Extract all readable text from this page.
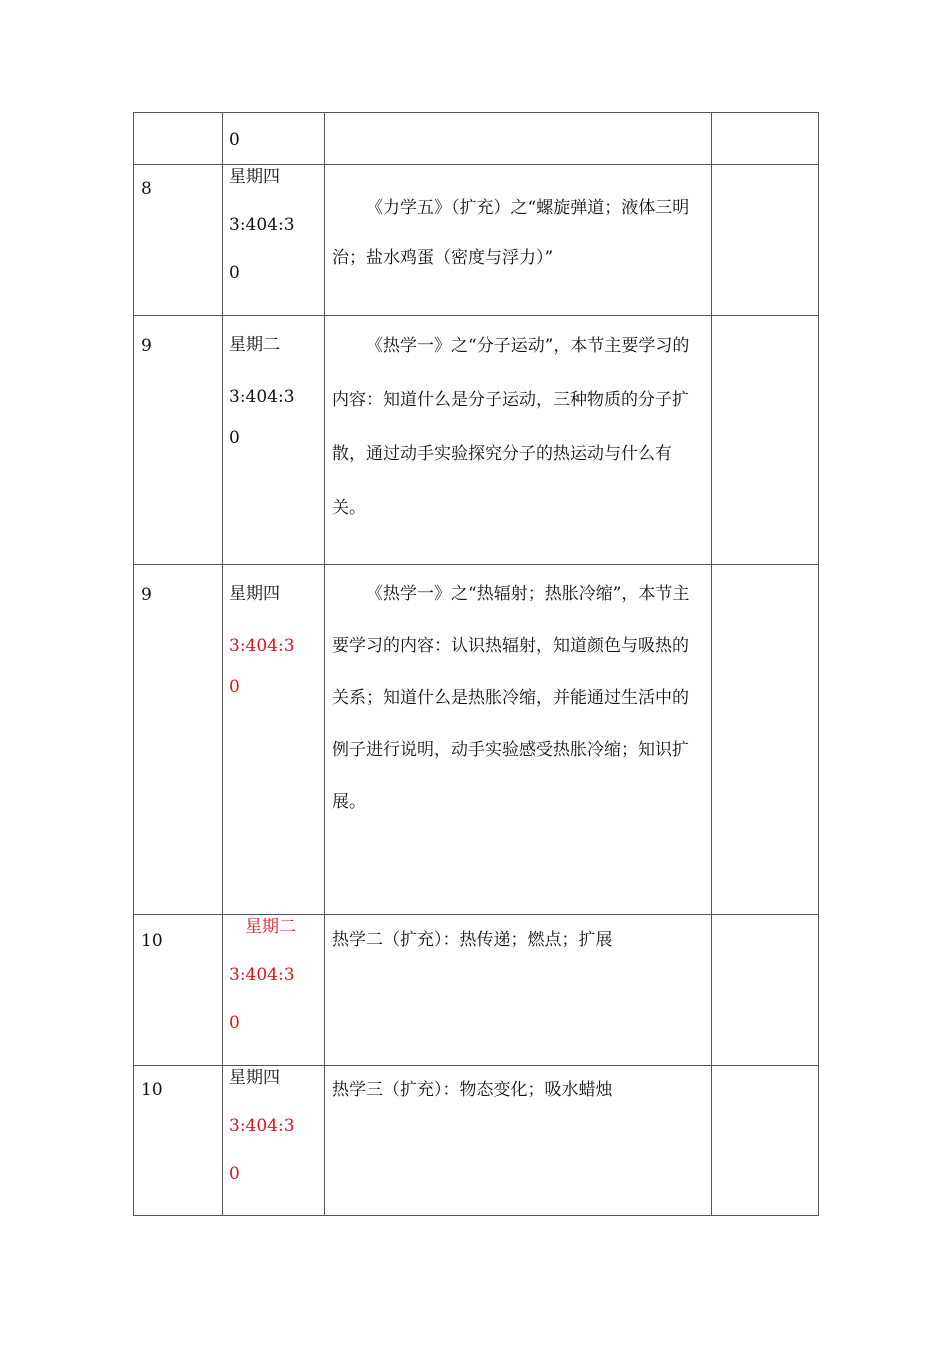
	0		

8	星期四
3:404:3
0	《力学五》（扩充）之“螺旋弹道；液体三明治；盐水鸡蛋（密度与浮力）”	

9	星期二
3:404:3
0	《热学一》之“分子运动”，本节主要学习的内容：知道什么是分子运动，三种物质的分子扩散，通过动手实验探究分子的热运动与什么有关。	

9	星期四
3:404:3
0	《热学一》之“热辐射；热胀冷缩”，本节主要学习的内容：认识热辐射，知道颜色与吸热的关系；知道什么是热胀冷缩，并能通过生活中的例子进行说明，动手实验感受热胀冷缩；知识扩展。	

10	星期二
3:404:3
0	热学二（扩充）：热传递；燃点；扩展	

10	星期四
3:404:3
0	热学三（扩充）：物态变化；吸水蜡烛	
